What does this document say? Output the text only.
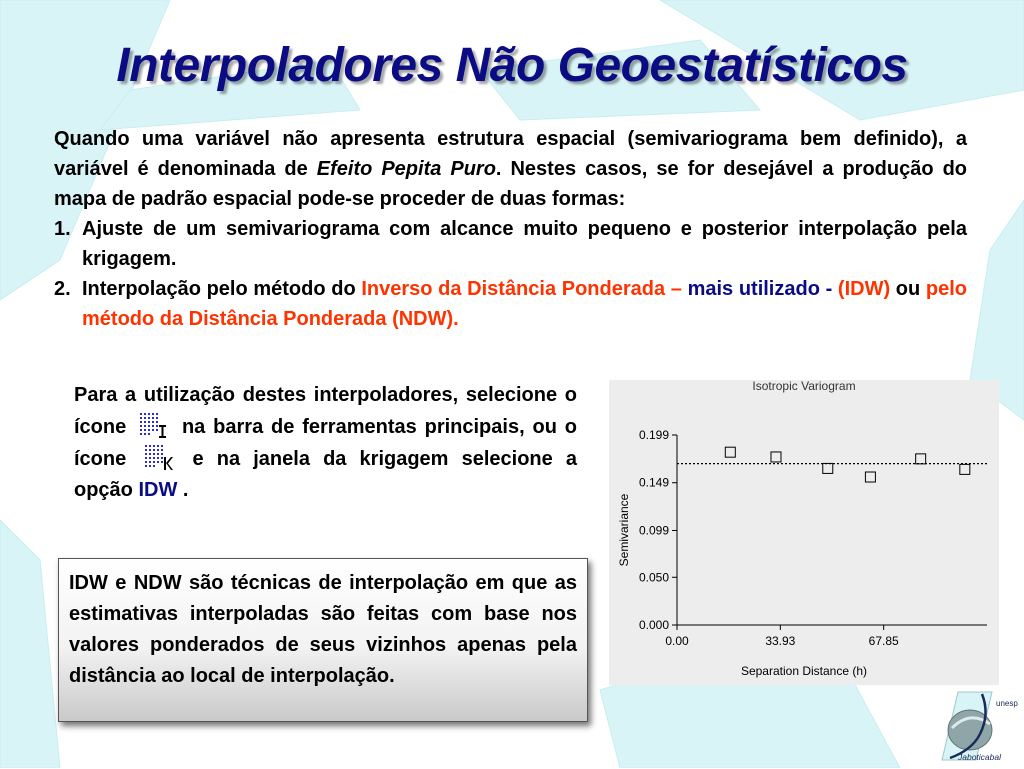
Interpoladores Não Geoestatísticos

Quando uma variável não apresenta estrutura espacial (semivariograma bem definido), a variável é denominada de Efeito Pepita Puro. Nestes casos, se for desejável a produção do mapa de padrão espacial pode-se proceder de duas formas:

1. Ajuste de um semivariograma com alcance muito pequeno e posterior interpolação pela krigagem.
2. Interpolação pelo método do Inverso da Distância Ponderada – mais utilizado - (IDW) ou pelo método da Distância Ponderada (NDW).
Para a utilização destes interpoladores, selecione o ícone	na barra de ferramentas principais, ou o ícone	e na janela da krigagem selecione a opção IDW .
IDW e NDW são técnicas de interpolação em que as estimativas interpoladas são feitas com base nos valores ponderados de seus vizinhos apenas pela distância ao local de interpolação.
Isotropic Variogram
0.000
0.050
0.099
0.149
0.199
0.00	33.93	67.85
Separation Distance (h)
Semivariance
unesp
Jaboticabal
